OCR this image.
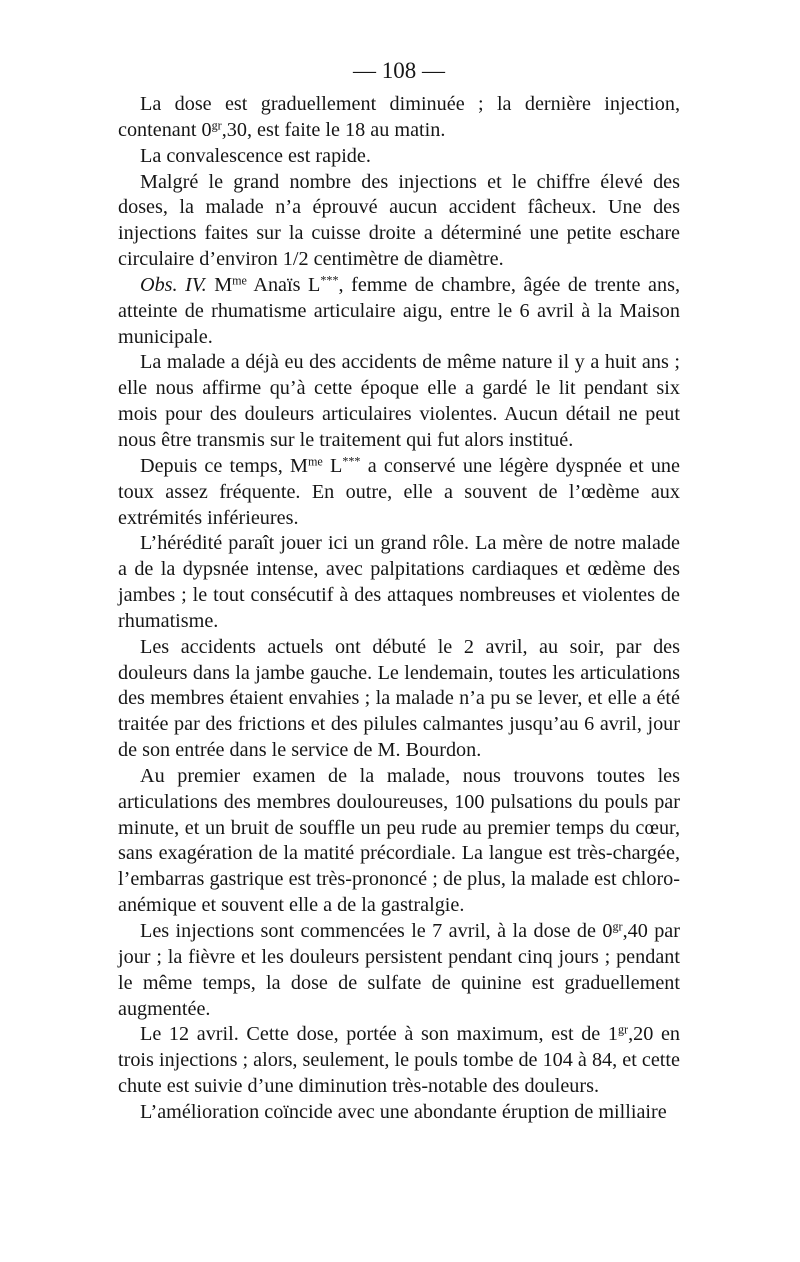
— 108 —

La dose est graduellement diminuée ; la dernière injection, contenant $0^{gr},30$, est faite le 18 au matin.

La convalescence est rapide.

Malgré le grand nombre des injections et le chiffre élevé des doses, la malade n’a éprouvé aucun accident fâcheux. Une des injections faites sur la cuisse droite a déterminé une petite eschare circulaire d’environ 1/2 centimètre de diamètre.

Obs. IV. $M^{me}$ Anaïs L***, femme de chambre, âgée de trente ans, atteinte de rhumatisme articulaire aigu, entre le 6 avril à la Maison municipale.

La malade a déjà eu des accidents de même nature il y a huit ans ; elle nous affirme qu’à cette époque elle a gardé le lit pendant six mois pour des douleurs articulaires violentes. Aucun détail ne peut nous être transmis sur le traitement qui fut alors institué.

Depuis ce temps, $M^{me}$ L*** a conservé une légère dyspnée et une toux assez fréquente. En outre, elle a souvent de l’œdème aux extrémités inférieures.

L’hérédité paraît jouer ici un grand rôle. La mère de notre malade a de la dypsnée intense, avec palpitations cardiaques et œdème des jambes ; le tout consécutif à des attaques nombreuses et violentes de rhumatisme.

Les accidents actuels ont débuté le 2 avril, au soir, par des douleurs dans la jambe gauche. Le lendemain, toutes les articulations des membres étaient envahies ; la malade n’a pu se lever, et elle a été traitée par des frictions et des pilules calmantes jusqu’au 6 avril, jour de son entrée dans le service de M. Bourdon.

Au premier examen de la malade, nous trouvons toutes les articulations des membres douloureuses, 100 pulsations du pouls par minute, et un bruit de souffle un peu rude au premier temps du cœur, sans exagération de la matité précordiale. La langue est très-chargée, l’embarras gastrique est très-prononcé ; de plus, la malade est chloro-anémique et souvent elle a de la gastralgie.

Les injections sont commencées le 7 avril, à la dose de $0^{gr},40$ par jour ; la fièvre et les douleurs persistent pendant cinq jours ; pendant le même temps, la dose de sulfate de quinine est graduellement augmentée.

Le 12 avril. Cette dose, portée à son maximum, est de $1^{gr},20$ en trois injections ; alors, seulement, le pouls tombe de 104 à 84, et cette chute est suivie d’une diminution très-notable des douleurs.

L’amélioration coïncide avec une abondante éruption de milliaire
